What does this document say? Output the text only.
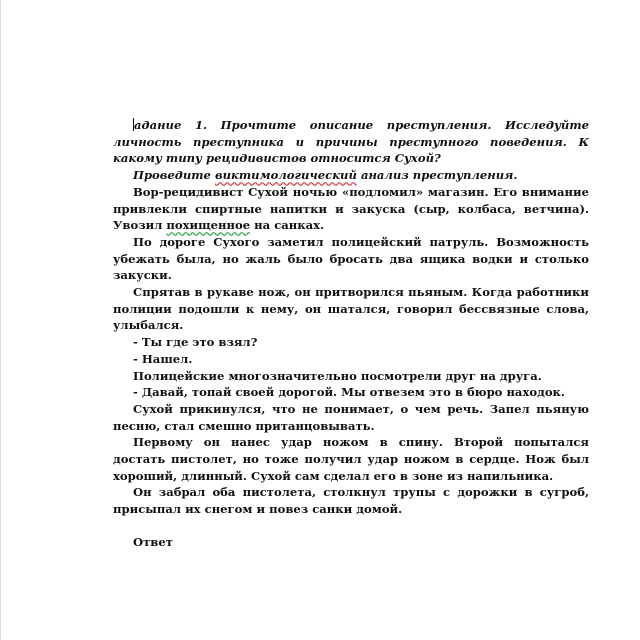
адание 1. Прочтите описание преступления. Исследуйте личность преступника и причины преступного поведения. К какому типу рецидивистов относится Сухой?

Проведите виктимологический анализ преступления.

Вор-рецидивист Сухой ночью «подломил» магазин. Его внимание привлекли спиртные напитки и закуска (сыр, колбаса, ветчина). Увозил похищенное на санках.

По дороге Сухого заметил полицейский патруль. Возможность убежать была, но жаль было бросать два ящика водки и столько закуски.

Спрятав в рукаве нож, он притворился пьяным. Когда работники полиции подошли к нему, он шатался, говорил бессвязные слова, улыбался.

- Ты где это взял?

- Нашел.

Полицейские многозначительно посмотрели друг на друга.

- Давай, топай своей дорогой. Мы отвезем это в бюро находок.

Сухой прикинулся, что не понимает, о чем речь. Запел пьяную песню, стал смешно пританцовывать.

Первому он нанес удар ножом в спину. Второй попытался достать пистолет, но тоже получил удар ножом в сердце. Нож был хороший, длинный. Сухой сам сделал его в зоне из напильника.

Он забрал оба пистолета, столкнул трупы с дорожки в сугроб, присыпал их снегом и повез санки домой.

Ответ
